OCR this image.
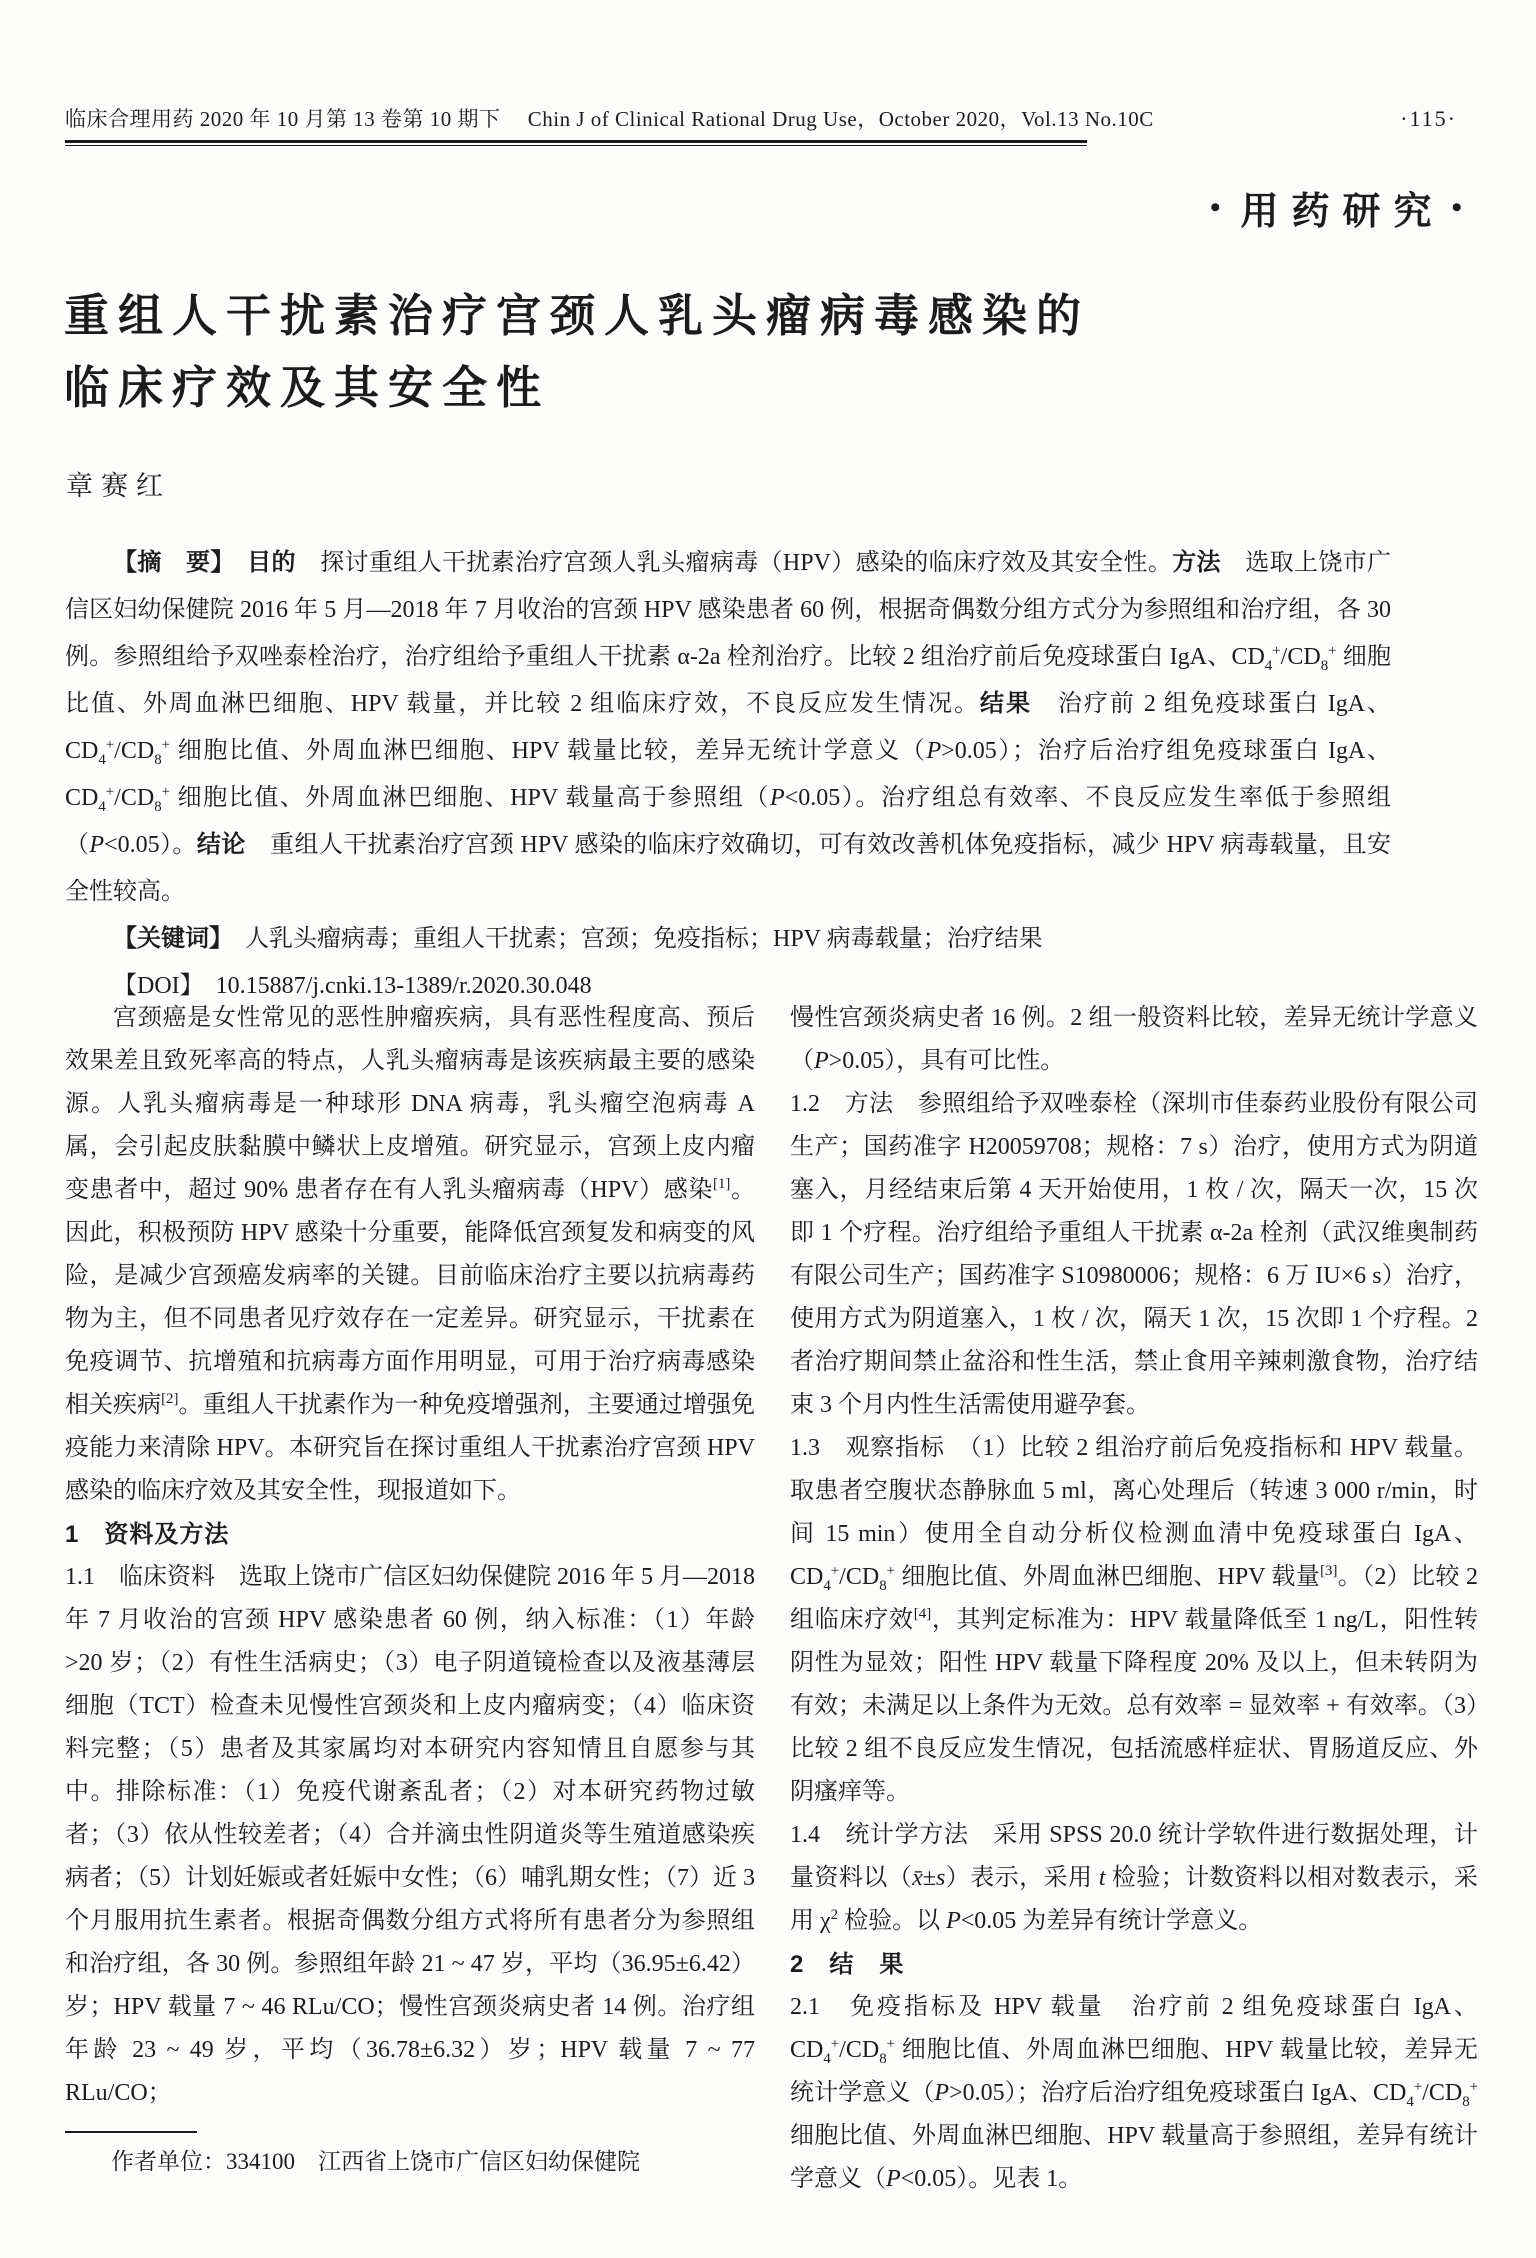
临床合理用药 2020 年 10 月第 13 卷第 10 期下　 Chin J of Clinical Rational Drug Use，October 2020，Vol.13 No.10C	·115·
• 用药研究 •
重组人干扰素治疗宫颈人乳头瘤病毒感染的
临床疗效及其安全性
章赛红

【摘　要】　 目的　探讨重组人干扰素治疗宫颈人乳头瘤病毒（HPV）感染的临床疗效及其安全性。方法　选取上饶市广信区妇幼保健院 2016 年 5 月—2018 年 7 月收治的宫颈 HPV 感染患者 60 例，根据奇偶数分组方式分为参照组和治疗组，各 30 例。参照组给予双唑泰栓治疗，治疗组给予重组人干扰素 α-2a 栓剂治疗。比较 2 组治疗前后免疫球蛋白 IgA、$CD_4^+/CD_8^+$ 细胞比值、外周血淋巴细胞、HPV 载量，并比较 2 组临床疗效，不良反应发生情况。结果　治疗前 2 组免疫球蛋白 IgA、$CD_4^+/CD_8^+$ 细胞比值、外周血淋巴细胞、HPV 载量比较，差异无统计学意义（P>0.05）；治疗后治疗组免疫球蛋白 IgA、$CD_4^+/CD_8^+$ 细胞比值、外周血淋巴细胞、HPV 载量高于参照组（P<0.05）。治疗组总有效率、不良反应发生率低于参照组（P<0.05）。结论　重组人干扰素治疗宫颈 HPV 感染的临床疗效确切，可有效改善机体免疫指标，减少 HPV 病毒载量，且安全性较高。

【关键词】　人乳头瘤病毒；重组人干扰素；宫颈；免疫指标；HPV 病毒载量；治疗结果

【DOI】　10.15887/j.cnki.13-1389/r.2020.30.048

宫颈癌是女性常见的恶性肿瘤疾病，具有恶性程度高、预后效果差且致死率高的特点，人乳头瘤病毒是该疾病最主要的感染源。人乳头瘤病毒是一种球形 DNA 病毒，乳头瘤空泡病毒 A 属，会引起皮肤黏膜中鳞状上皮增殖。研究显示，宫颈上皮内瘤变患者中，超过 90% 患者存在有人乳头瘤病毒（HPV）感染[1]。因此，积极预防 HPV 感染十分重要，能降低宫颈复发和病变的风险，是减少宫颈癌发病率的关键。目前临床治疗主要以抗病毒药物为主，但不同患者见疗效存在一定差异。研究显示，干扰素在免疫调节、抗增殖和抗病毒方面作用明显，可用于治疗病毒感染相关疾病[2]。重组人干扰素作为一种免疫增强剂，主要通过增强免疫能力来清除 HPV。本研究旨在探讨重组人干扰素治疗宫颈 HPV 感染的临床疗效及其安全性，现报道如下。

1　资料及方法

1.1　临床资料　选取上饶市广信区妇幼保健院 2016 年 5 月—2018 年 7 月收治的宫颈 HPV 感染患者 60 例，纳入标准：（1）年龄 >20 岁；（2）有性生活病史；（3）电子阴道镜检查以及液基薄层细胞（TCT）检查未见慢性宫颈炎和上皮内瘤病变；（4）临床资料完整；（5）患者及其家属均对本研究内容知情且自愿参与其中。排除标准：（1）免疫代谢紊乱者；（2）对本研究药物过敏者；（3）依从性较差者；（4）合并滴虫性阴道炎等生殖道感染疾病者；（5）计划妊娠或者妊娠中女性；（6）哺乳期女性；（7）近 3 个月服用抗生素者。根据奇偶数分组方式将所有患者分为参照组和治疗组，各 30 例。参照组年龄 21 ~ 47 岁，平均（36.95±6.42）岁；HPV 载量 7 ~ 46 RLu/CO；慢性宫颈炎病史者 14 例。治疗组年龄 23 ~ 49 岁，平均（36.78±6.32）岁；HPV 载量 7 ~ 77 RLu/CO；

慢性宫颈炎病史者 16 例。2 组一般资料比较，差异无统计学意义（P>0.05），具有可比性。

1.2　方法　参照组给予双唑泰栓（深圳市佳泰药业股份有限公司生产；国药准字 H20059708；规格：7 s）治疗，使用方式为阴道塞入，月经结束后第 4 天开始使用，1 枚 / 次，隔天一次，15 次即 1 个疗程。治疗组给予重组人干扰素 α-2a 栓剂（武汉维奥制药有限公司生产；国药准字 S10980006；规格：6 万 IU×6 s）治疗，使用方式为阴道塞入，1 枚 / 次，隔天 1 次，15 次即 1 个疗程。2 者治疗期间禁止盆浴和性生活，禁止食用辛辣刺激食物，治疗结束 3 个月内性生活需使用避孕套。

1.3　观察指标　（1）比较 2 组治疗前后免疫指标和 HPV 载量。取患者空腹状态静脉血 5 ml，离心处理后（转速 3 000 r/min，时间 15 min）使用全自动分析仪检测血清中免疫球蛋白 IgA、$CD_4^+/CD_8^+$ 细胞比值、外周血淋巴细胞、HPV 载量[3]。（2）比较 2 组临床疗效[4]，其判定标准为：HPV 载量降低至 1 ng/L，阳性转阴性为显效；阳性 HPV 载量下降程度 20% 及以上，但未转阴为有效；未满足以上条件为无效。总有效率 = 显效率 + 有效率。（3）比较 2 组不良反应发生情况，包括流感样症状、胃肠道反应、外阴瘙痒等。

1.4　统计学方法　采用 SPSS 20.0 统计学软件进行数据处理，计量资料以（x̄±s）表示，采用 t 检验；计数资料以相对数表示，采用 $\chi^2$ 检验。以 P<0.05 为差异有统计学意义。

2　结　果

2.1　免疫指标及 HPV 载量　治疗前 2 组免疫球蛋白 IgA、$CD_4^+/CD_8^+$ 细胞比值、外周血淋巴细胞、HPV 载量比较，差异无统计学意义（P>0.05）；治疗后治疗组免疫球蛋白 IgA、$CD_4^+/CD_8^+$ 细胞比值、外周血淋巴细胞、HPV 载量高于参照组，差异有统计学意义（P<0.05）。见表 1。

作者单位：334100　江西省上饶市广信区妇幼保健院
